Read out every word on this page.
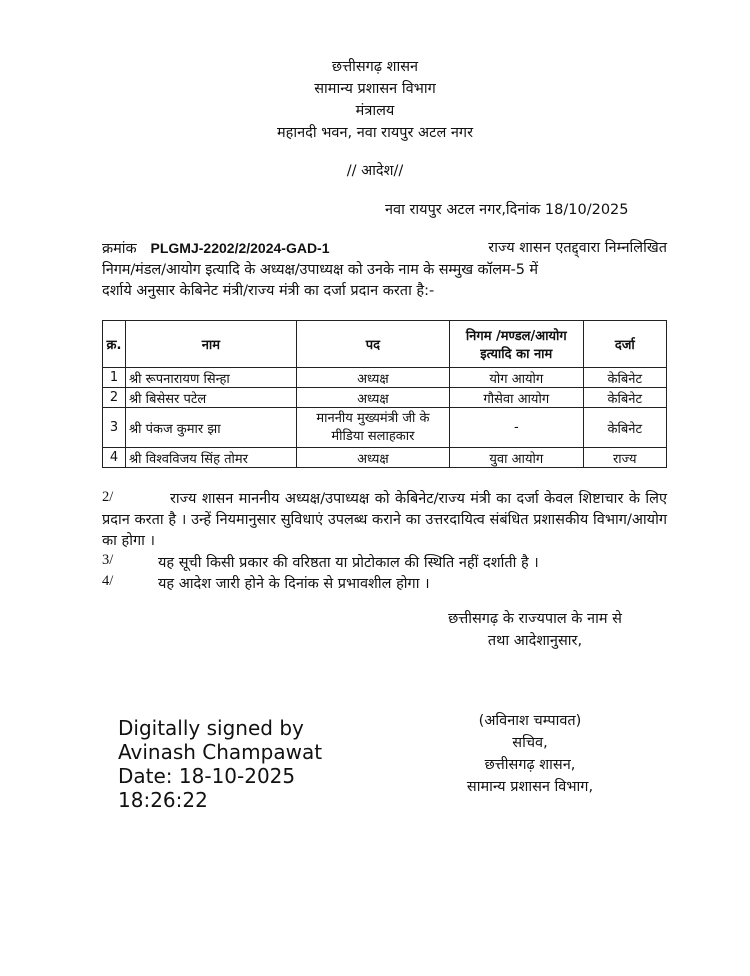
छत्तीसगढ़ शासन
सामान्य प्रशासन विभाग
मंत्रालय
महानदी भवन, नवा रायपुर अटल नगर
// आदेश//
नवा रायपुर अटल नगर,दिनांक 18/10/2025
क्रमांक PLGMJ-2202/2/2024-GAD-1	राज्य शासन एतद्द्वारा निम्नलिखित
निगम/मंडल/आयोग इत्यादि के अध्यक्ष/उपाध्यक्ष को उनके नाम के सम्मुख कॉलम-5 में
दर्शाये अनुसार केबिनेट मंत्री/राज्य मंत्री का दर्जा प्रदान करता है:-
क्र.	नाम	पद	निगम /मण्डल/आयोग इत्यादि का नाम	दर्जा
1	श्री रूपनारायण सिन्हा	अध्यक्ष	योग आयोग	केबिनेट
2	श्री बिसेसर पटेल	अध्यक्ष	गौसेवा आयोग	केबिनेट
3	श्री पंकज कुमार झा	माननीय मुख्यमंत्री जी के मीडिया सलाहकार	-	केबिनेट
4	श्री विश्वविजय सिंह तोमर	अध्यक्ष	युवा आयोग	राज्य
2/	राज्य शासन माननीय अध्यक्ष/उपाध्यक्ष को केबिनेट/राज्य मंत्री का दर्जा केवल शिष्टाचार के लिए प्रदान करता है । उन्हें नियमानुसार सुविधाएं उपलब्ध कराने का उत्तरदायित्व संबंधित प्रशासकीय विभाग/आयोग का होगा ।
3/	यह सूची किसी प्रकार की वरिष्ठता या प्रोटोकाल की स्थिति नहीं दर्शाती है ।
4/	यह आदेश जारी होने के दिनांक से प्रभावशील होगा ।
छत्तीसगढ़ के राज्यपाल के नाम से
तथा आदेशानुसार,
Digitally signed by
Avinash Champawat
Date: 18-10-2025
18:26:22
(अविनाश चम्पावत)
सचिव,
छत्तीसगढ़ शासन,
सामान्य प्रशासन विभाग,
